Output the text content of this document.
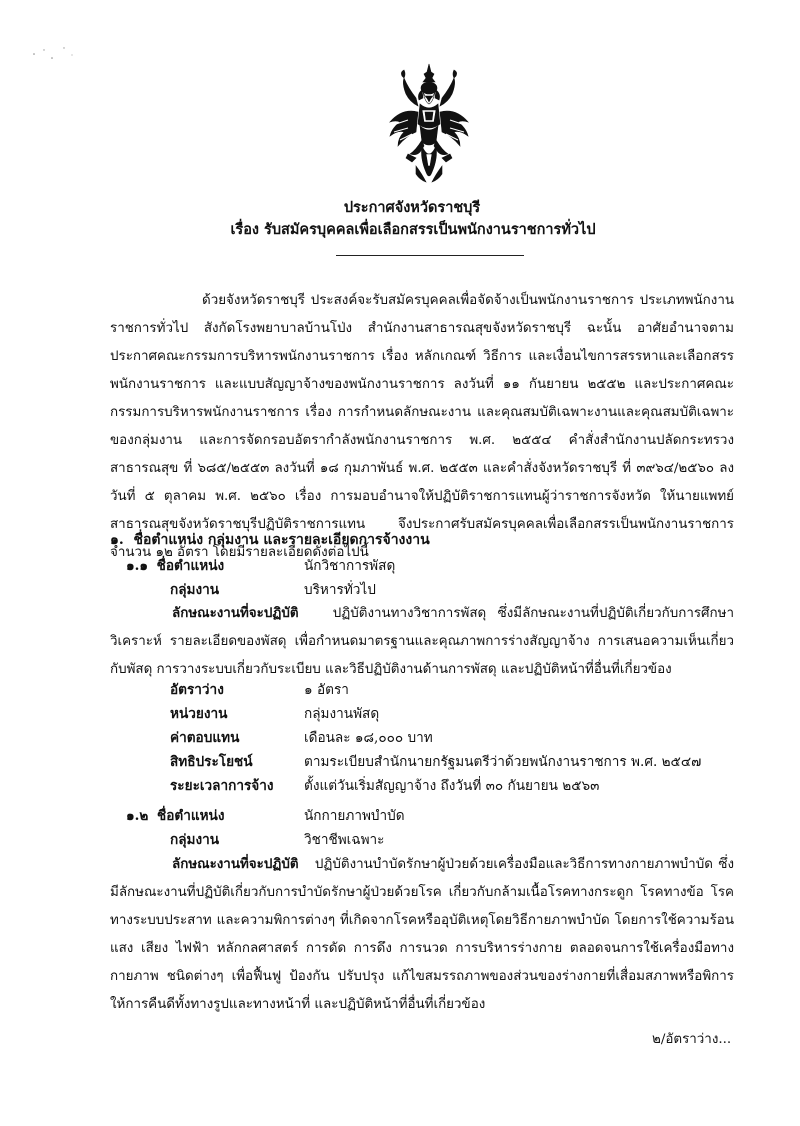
ประกาศจังหวัดราชบุรี
เรื่อง รับสมัครบุคคลเพื่อเลือกสรรเป็นพนักงานราชการทั่วไป
ด้วยจังหวัดราชบุรี ประสงค์จะรับสมัครบุคคลเพื่อจัดจ้างเป็นพนักงานราชการ ประเภทพนักงานราชการทั่วไป สังกัดโรงพยาบาลบ้านโป่ง สำนักงานสาธารณสุขจังหวัดราชบุรี ฉะนั้น อาศัยอำนาจตามประกาศคณะกรรมการบริหารพนักงานราชการ เรื่อง หลักเกณฑ์ วิธีการ และเงื่อนไขการสรรหาและเลือกสรรพนักงานราชการ และแบบสัญญาจ้างของพนักงานราชการ ลงวันที่ ๑๑ กันยายน ๒๕๕๒ และประกาศคณะกรรมการบริหารพนักงานราชการ เรื่อง การกำหนดลักษณะงาน และคุณสมบัติเฉพาะงานและคุณสมบัติเฉพาะของกลุ่มงาน และการจัดกรอบอัตรากำลังพนักงานราชการ พ.ศ. ๒๕๕๔ คำสั่งสำนักงานปลัดกระทรวงสาธารณสุข ที่ ๖๘๕/๒๕๕๓ ลงวันที่ ๑๘ กุมภาพันธ์ พ.ศ. ๒๕๕๓ และคำสั่งจังหวัดราชบุรี ที่ ๓๙๖๔/๒๕๖๐ ลงวันที่ ๕ ตุลาคม พ.ศ. ๒๕๖๐ เรื่อง การมอบอำนาจให้ปฏิบัติราชการแทนผู้ว่าราชการจังหวัด ให้นายแพทย์สาธารณสุขจังหวัดราชบุรีปฏิบัติราชการแทน จึงประกาศรับสมัครบุคคลเพื่อเลือกสรรเป็นพนักงานราชการ จำนวน ๑๒ อัตรา โดยมีรายละเอียดดังต่อไปนี้
๑. ชื่อตำแหน่ง กลุ่มงาน และรายละเอียดการจ้างงาน
๑.๑ ชื่อตำแหน่ง	นักวิชาการพัสดุ
กลุ่มงาน	บริหารทั่วไป
ลักษณะงานที่จะปฏิบัติ	ปฏิบัติงานทางวิชาการพัสดุ ซึ่งมีลักษณะงานที่ปฏิบัติเกี่ยวกับการศึกษา วิเคราะห์ รายละเอียดของพัสดุ เพื่อกำหนดมาตรฐานและคุณภาพการร่างสัญญาจ้าง การเสนอความเห็นเกี่ยวกับพัสดุ การวางระบบเกี่ยวกับระเบียบ และวิธีปฏิบัติงานด้านการพัสดุ และปฏิบัติหน้าที่อื่นที่เกี่ยวข้อง
อัตราว่าง	๑ อัตรา
หน่วยงาน	กลุ่มงานพัสดุ
ค่าตอบแทน	เดือนละ ๑๘,๐๐๐ บาท
สิทธิประโยชน์	ตามระเบียบสำนักนายกรัฐมนตรีว่าด้วยพนักงานราชการ พ.ศ. ๒๕๔๗
ระยะเวลาการจ้าง ตั้งแต่วันเริ่มสัญญาจ้าง ถึงวันที่ ๓๐ กันยายน ๒๕๖๓
๑.๒ ชื่อตำแหน่ง	นักกายภาพบำบัด
กลุ่มงาน	วิชาชีพเฉพาะ
ลักษณะงานที่จะปฏิบัติ ปฏิบัติงานบำบัดรักษาผู้ป่วยด้วยเครื่องมือและวิธีการทางกายภาพบำบัด ซึ่งมีลักษณะงานที่ปฏิบัติเกี่ยวกับการบำบัดรักษาผู้ป่วยด้วยโรค เกี่ยวกับกล้ามเนื้อโรคทางกระดูก โรคทางข้อ โรคทางระบบประสาท และความพิการต่างๆ ที่เกิดจากโรคหรืออุบัติเหตุโดยวิธีกายภาพบำบัด โดยการใช้ความร้อน แสง เสียง ไฟฟ้า หลักกลศาสตร์ การดัด การดึง การนวด การบริหารร่างกาย ตลอดจนการใช้เครื่องมือทางกายภาพ ชนิดต่างๆ เพื่อฟื้นฟู ป้องกัน ปรับปรุง แก้ไขสมรรถภาพของส่วนของร่างกายที่เสื่อมสภาพหรือพิการให้การคืนดีทั้งทางรูปและทางหน้าที่ และปฏิบัติหน้าที่อื่นที่เกี่ยวข้อง
๒/อัตราว่าง...
